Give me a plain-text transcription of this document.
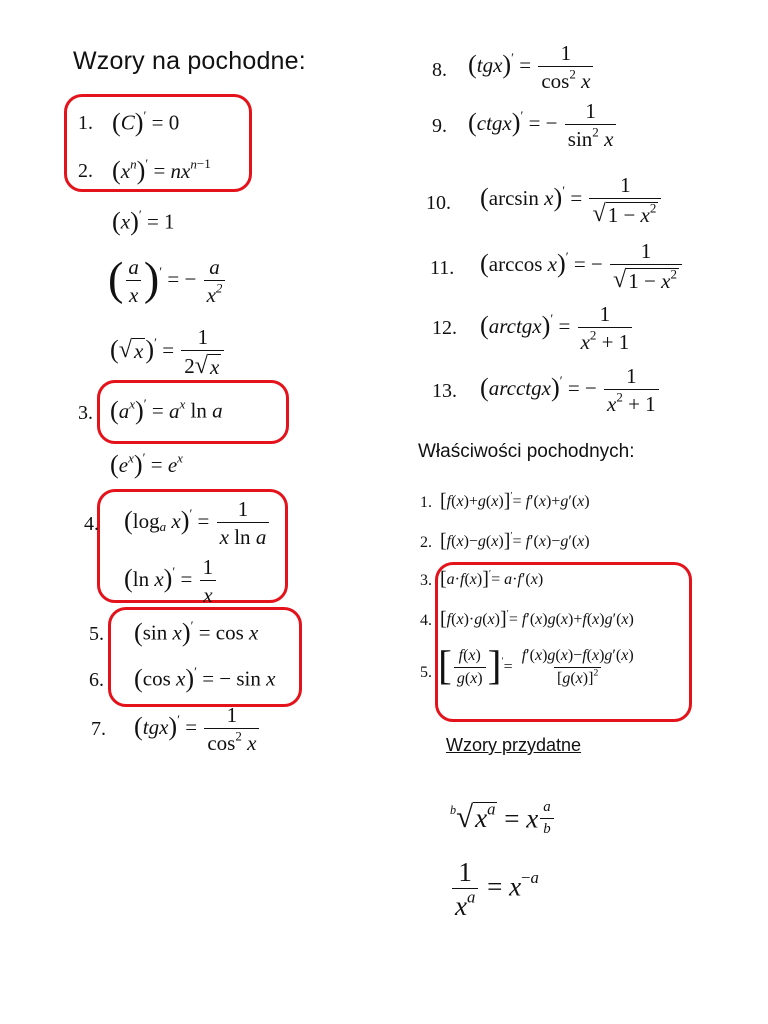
Wzory na pochodne:
Właściwości pochodnych:
Wzory przydatne
1. (C)′ = 0
2. $(x^n)' = nx^{n-1}$
(x)′ = 1
( $\frac{a}{x} )'$ = − $\frac{a}{x^2}$
( √ x )$' = \frac{1}{2 √ x}$
3. $(a^x)' = a^x$ ln a
$(e^x)' = e^x$
4. ($\log_a$ $x)' = \frac{1}{\text{x ln a}}$
(ln $x)' = \frac{1}{x}$
5. (sin x)′ = cos x
6. (cos x)′ = − sin x
7. $(tgx)' = \frac{1}{\cos^2 x}$
8. $(tgx)' = \frac{1}{\cos^2 x}$
9. (ctgx)′ = − $\frac{1}{\sin^2 x}$
10. (arcsin $x)' = \frac{1}{√ 1 - x^2}$
11. (arccos x)′ = − $\frac{1}{√ 1 - x^2}$
12. (arctgx)′ = $\frac{1}{x^2 + 1}$
13. (arcctgx)′ = − $\frac{1}{x^2 + 1}$
1. [f(x)+g(x)]′= f′(x)+g′(x)
2. [f(x)−g(x)]′= f′(x)−g′(x)
3. [a·f(x)]′= a·f′(x)
4. [f(x)·g(x)]′= f′(x)g(x)+f(x)g′(x)
5. [ $\frac{f(x)}{g(x)} ]'= \frac{f'(x)g(x)-f(x)g'(x)}{[g(x)]^2}$
$^b$ √ $x^a = x \frac{a}{b}$
$\frac{1}{x^a} = x^{-a}$
